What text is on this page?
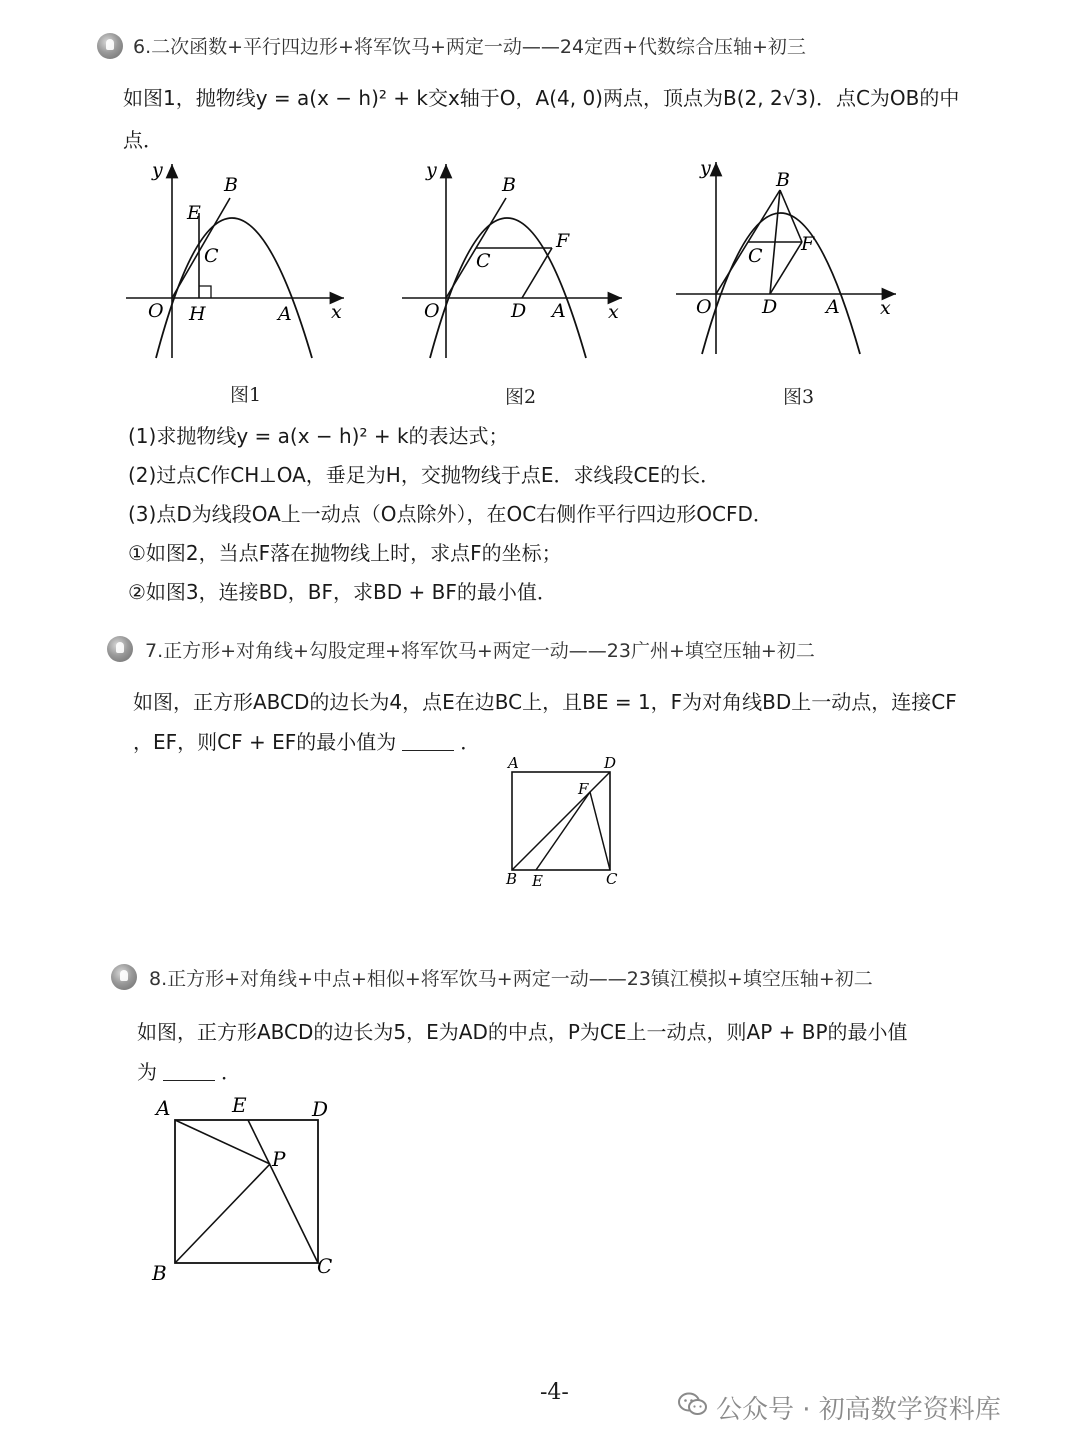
6.二次函数+平行四边形+将军饮马+两定一动——24定西+代数综合压轴+初三
如图1，抛物线y = a(x − h)² + k交x轴于O，A(4, 0)两点，顶点为B(2, 2√3)．点C为OB的中
点．
y
B
E
C
O H	A x
图1
y
B
C
F
O	D A x
图2
y
B
C
F
O	D	A x
图3
(1)求抛物线y = a(x − h)² + k的表达式；
(2)过点C作CH⊥OA，垂足为H，交抛物线于点E．求线段CE的长．
(3)点D为线段OA上一动点（O点除外），在OC右侧作平行四边形OCFD．
①如图2，当点F落在抛物线上时，求点F的坐标；
②如图3，连接BD，BF，求BD + BF的最小值．
7.正方形+对角线+勾股定理+将军饮马+两定一动——23广州+填空压轴+初二
如图，正方形ABCD的边长为4，点E在边BC上，且BE = 1，F为对角线BD上一动点，连接CF
，EF，则CF + EF的最小值为	．
A	D
F
B E	C
8.正方形+对角线+中点+相似+将军饮马+两定一动——23镇江模拟+填空压轴+初二
如图，正方形ABCD的边长为5，E为AD的中点，P为CE上一动点，则AP + BP的最小值
为	．
A	E	D
P
B	C
-4-
公众号 · 初高数学资料库
